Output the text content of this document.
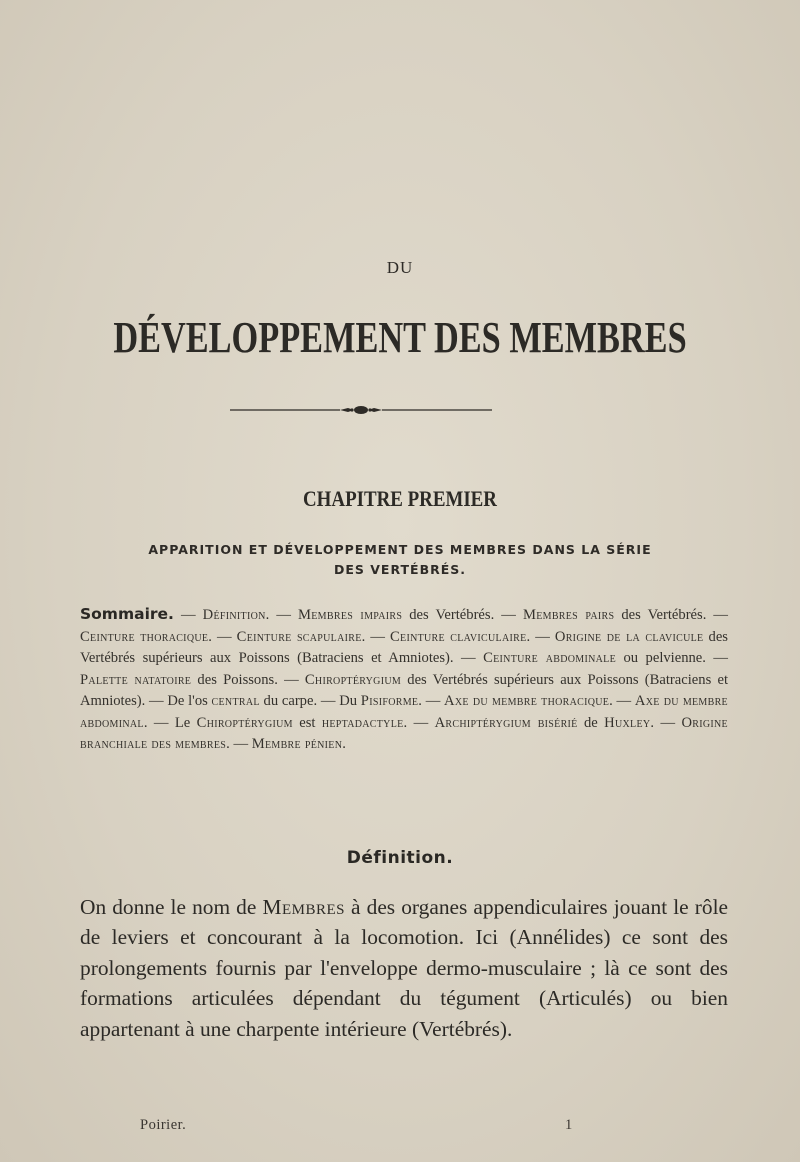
DU
DÉVELOPPEMENT DES MEMBRES
CHAPITRE PREMIER
APPARITION ET DÉVELOPPEMENT DES MEMBRES DANS LA SÉRIE
DES VERTÉBRÉS.
Sommaire. — Définition. — Membres impairs des Vertébrés. — Membres pairs des Vertébrés. — Ceinture thoracique. — Ceinture scapulaire. — Ceinture claviculaire. — Origine de la clavicule des Vertébrés supérieurs aux Poissons (Batraciens et Amniotes). — Ceinture abdominale ou pelvienne. — Palette natatoire des Poissons. — Chiroptérygium des Vertébrés supérieurs aux Poissons (Batraciens et Amniotes). — De l'os central du carpe. — Du Pisiforme. — Axe du membre thoracique. — Axe du membre abdominal. — Le Chiroptérygium est heptadactyle. — Archiptérygium bisérié de Huxley. — Origine branchiale des membres. — Membre pénien.
Définition.
On donne le nom de Membres à des organes appendiculaires jouant le rôle de leviers et concourant à la locomotion. Ici (Annélides) ce sont des prolongements fournis par l'enveloppe dermo-musculaire ; là ce sont des formations articulées dépendant du tégument (Articulés) ou bien appartenant à une charpente intérieure (Vertébrés).
Poirier.	1
